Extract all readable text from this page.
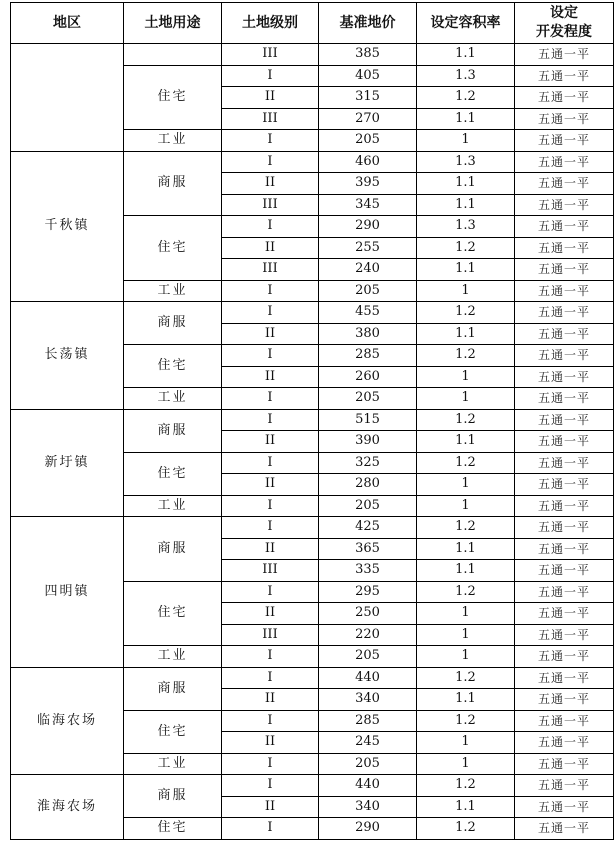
地区	土地用途	土地级别	基准地价	设定容积率	设定
开发程度

		III	385	1.1	五通一平
	住宅	I	405	1.3	五通一平
		II	315	1.2	五通一平
		III	270	1.1	五通一平
	工业	I	205	1	五通一平
千秋镇	商服	I	460	1.3	五通一平
		II	395	1.1	五通一平
		III	345	1.1	五通一平
	住宅	I	290	1.3	五通一平
		II	255	1.2	五通一平
		III	240	1.1	五通一平
	工业	I	205	1	五通一平
长荡镇	商服	I	455	1.2	五通一平
		II	380	1.1	五通一平
	住宅	I	285	1.2	五通一平
		II	260	1	五通一平
	工业	I	205	1	五通一平
新圩镇	商服	I	515	1.2	五通一平
		II	390	1.1	五通一平
	住宅	I	325	1.2	五通一平
		II	280	1	五通一平
	工业	I	205	1	五通一平
四明镇	商服	I	425	1.2	五通一平
		II	365	1.1	五通一平
		III	335	1.1	五通一平
	住宅	I	295	1.2	五通一平
		II	250	1	五通一平
		III	220	1	五通一平
	工业	I	205	1	五通一平
临海农场	商服	I	440	1.2	五通一平
		II	340	1.1	五通一平
	住宅	I	285	1.2	五通一平
		II	245	1	五通一平
	工业	I	205	1	五通一平
淮海农场	商服	I	440	1.2	五通一平
		II	340	1.1	五通一平
	住宅	I	290	1.2	五通一平
